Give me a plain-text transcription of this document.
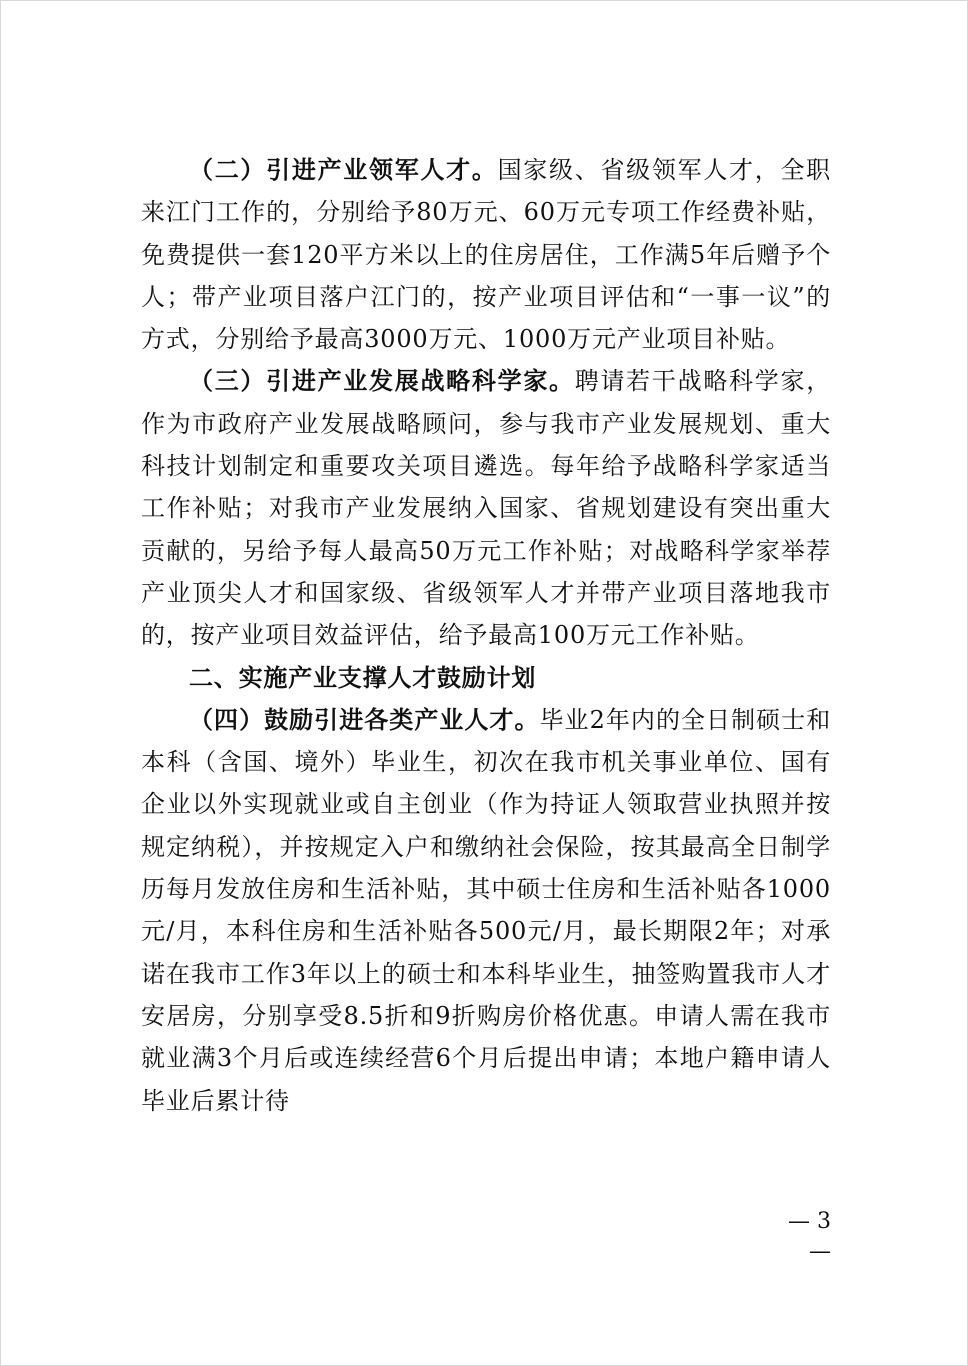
（二）引进产业领军人才。国家级、省级领军人才，全职来江门工作的，分别给予80万元、60万元专项工作经费补贴，免费提供一套120平方米以上的住房居住，工作满5年后赠予个人；带产业项目落户江门的，按产业项目评估和“一事一议”的方式，分别给予最高3000万元、1000万元产业项目补贴。

（三）引进产业发展战略科学家。聘请若干战略科学家，作为市政府产业发展战略顾问，参与我市产业发展规划、重大科技计划制定和重要攻关项目遴选。每年给予战略科学家适当工作补贴；对我市产业发展纳入国家、省规划建设有突出重大贡献的，另给予每人最高50万元工作补贴；对战略科学家举荐产业顶尖人才和国家级、省级领军人才并带产业项目落地我市的，按产业项目效益评估，给予最高100万元工作补贴。

二、实施产业支撑人才鼓励计划

（四）鼓励引进各类产业人才。毕业2年内的全日制硕士和本科（含国、境外）毕业生，初次在我市机关事业单位、国有企业以外实现就业或自主创业（作为持证人领取营业执照并按规定纳税），并按规定入户和缴纳社会保险，按其最高全日制学历每月发放住房和生活补贴，其中硕士住房和生活补贴各1000元/月，本科住房和生活补贴各500元/月，最长期限2年；对承诺在我市工作3年以上的硕士和本科毕业生，抽签购置我市人才安居房，分别享受8.5折和9折购房价格优惠。申请人需在我市就业满3个月后或连续经营6个月后提出申请；本地户籍申请人毕业后累计待

— 3 —
